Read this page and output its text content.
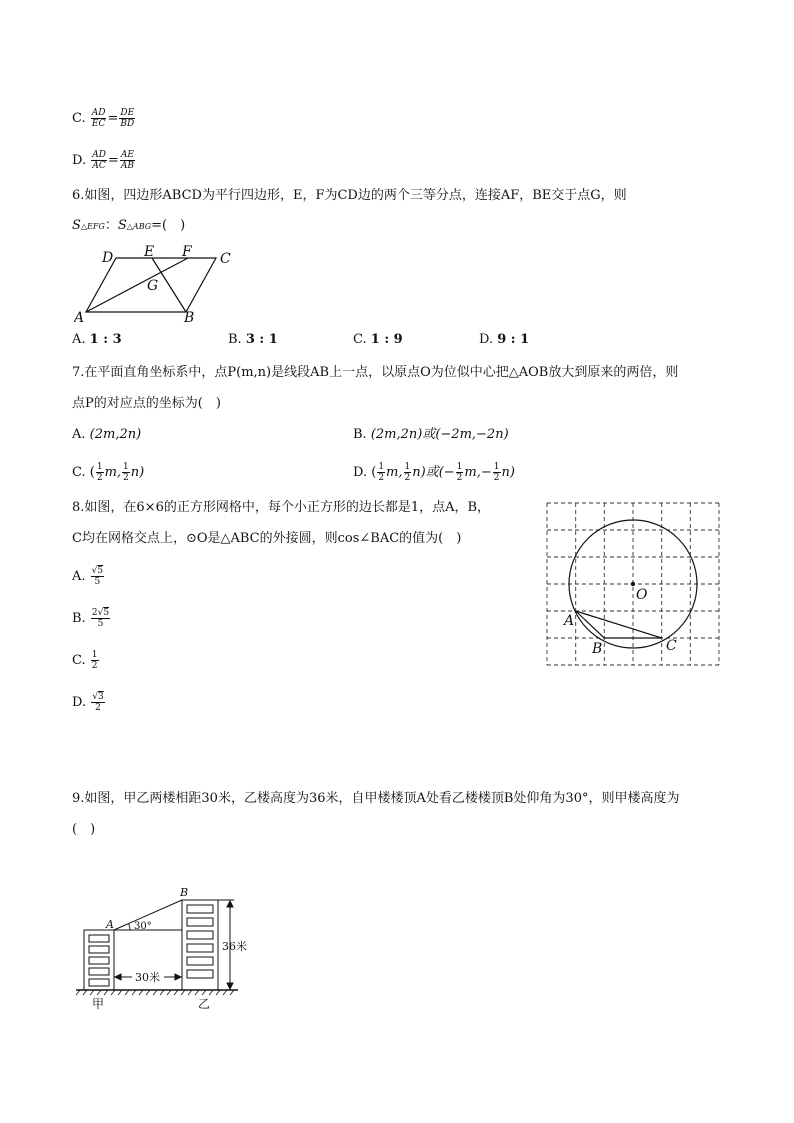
C. $\frac{AD}{EC} = \frac{DE}{BD}$
D. $\frac{AD}{AC} = \frac{AE}{AB}$
6.如图，四边形ABCD为平行四边形，E，F为CD边的两个三等分点，连接AF，BE交于点G，则
S△EFG：S△ABG=(　)
D E F C
G
A	B
A. 1 : 3	B. 3 : 1	C. 1 : 9	D. 9 : 1
7.在平面直角坐标系中，点P(m,n)是线段AB上一点，以原点O为位似中心把△AOB放大到原来的两倍，则
点P的对应点的坐标为(　)
A. (2m,2n)	B. (2m,2n)或(−2m,−2n)
C. ( $\frac{1}{2} m$, $\frac{1}{2} n$)	D. ( $\frac{1}{2} m$, $\frac{1}{2} n$)或(− $\frac{1}{2} m,- \frac{1}{2} n$)
8.如图，在6×6的正方形网格中，每个小正方形的边长都是1，点A，B，
C均在网格交点上，⊙O是△ABC的外接圆，则cos∠BAC的值为(　)
A. $\frac{√5}{5}$
B. $\frac{2√5}{5}$
C. $\frac{1}{2}$
D. $\frac{√3}{2}$
O
A
B	C
9.如图，甲乙两楼相距30米，乙楼高度为36米，自甲楼楼顶A处看乙楼楼顶B处仰角为30°，则甲楼高度为
(　)
B
A 30°
36米
30米
甲	乙
